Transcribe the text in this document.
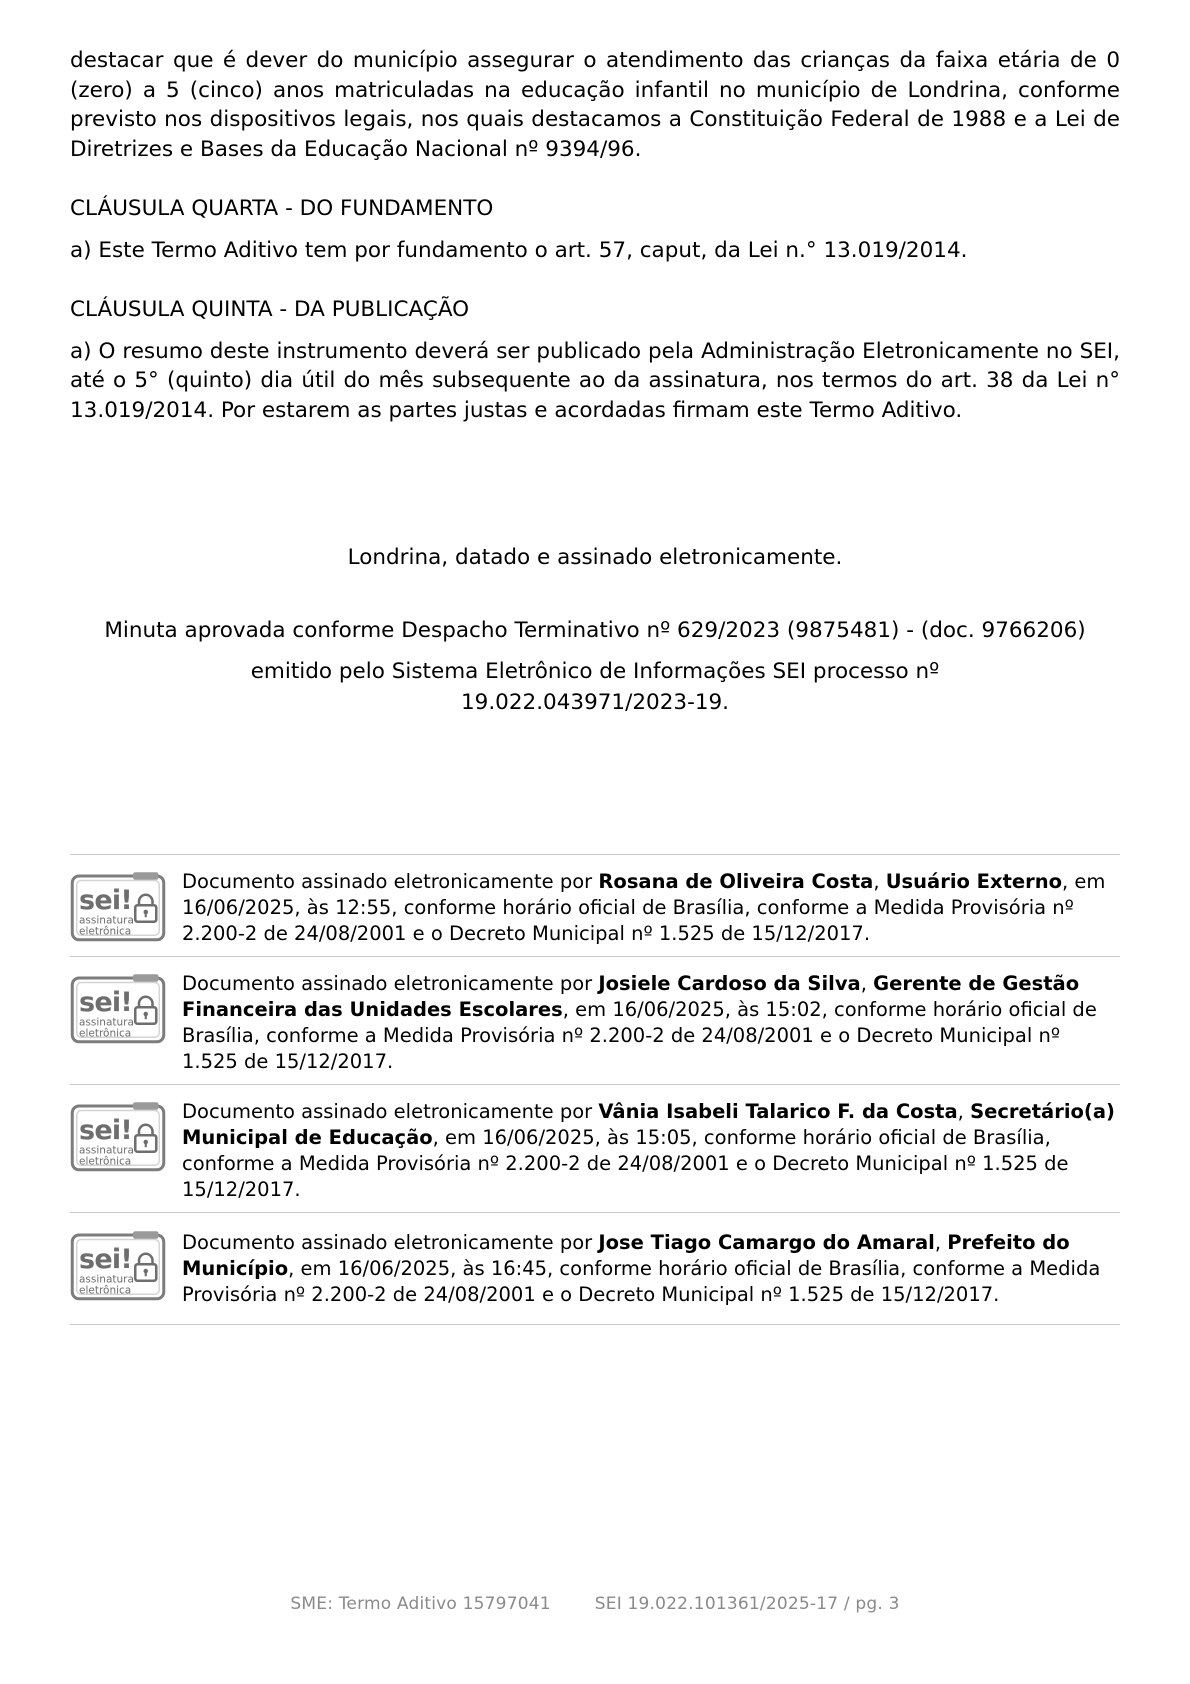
destacar que é dever do município assegurar o atendimento das crianças da faixa etária de 0 (zero) a 5 (cinco) anos matriculadas na educação infantil no município de Londrina, conforme previsto nos dispositivos legais, nos quais destacamos a Constituição Federal de 1988 e a Lei de Diretrizes e Bases da Educação Nacional nº 9394/96.

CLÁUSULA QUARTA - DO FUNDAMENTO

a) Este Termo Aditivo tem por fundamento o art. 57, caput, da Lei n.° 13.019/2014.

CLÁUSULA QUINTA - DA PUBLICAÇÃO

a) O resumo deste instrumento deverá ser publicado pela Administração Eletronicamente no SEI, até o 5° (quinto) dia útil do mês subsequente ao da assinatura, nos termos do art. 38 da Lei n° 13.019/2014. Por estarem as partes justas e acordadas firmam este Termo Aditivo.

Londrina, datado e assinado eletronicamente.

Minuta aprovada conforme Despacho Terminativo nº 629/2023 (9875481) - (doc. 9766206)

emitido pelo Sistema Eletrônico de Informações SEI processo nº 19.022.043971/2023-19.

sei!
assinatura
eletrônica
Documento assinado eletronicamente por Rosana de Oliveira Costa, Usuário Externo, em 16/06/2025, às 12:55, conforme horário oficial de Brasília, conforme a Medida Provisória nº 2.200-2 de 24/08/2001 e o Decreto Municipal nº 1.525 de 15/12/2017.
sei!
assinatura
eletrônica
Documento assinado eletronicamente por Josiele Cardoso da Silva, Gerente de Gestão Financeira das Unidades Escolares, em 16/06/2025, às 15:02, conforme horário oficial de Brasília, conforme a Medida Provisória nº 2.200-2 de 24/08/2001 e o Decreto Municipal nº 1.525 de 15/12/2017.
sei!
assinatura
eletrônica
Documento assinado eletronicamente por Vânia Isabeli Talarico F. da Costa, Secretário(a) Municipal de Educação, em 16/06/2025, às 15:05, conforme horário oficial de Brasília, conforme a Medida Provisória nº 2.200-2 de 24/08/2001 e o Decreto Municipal nº 1.525 de 15/12/2017.
sei!
assinatura
eletrônica
Documento assinado eletronicamente por Jose Tiago Camargo do Amaral, Prefeito do Município, em 16/06/2025, às 16:45, conforme horário oficial de Brasília, conforme a Medida Provisória nº 2.200-2 de 24/08/2001 e o Decreto Municipal nº 1.525 de 15/12/2017.
SME: Termo Aditivo 15797041	SEI 19.022.101361/2025-17 / pg. 3
